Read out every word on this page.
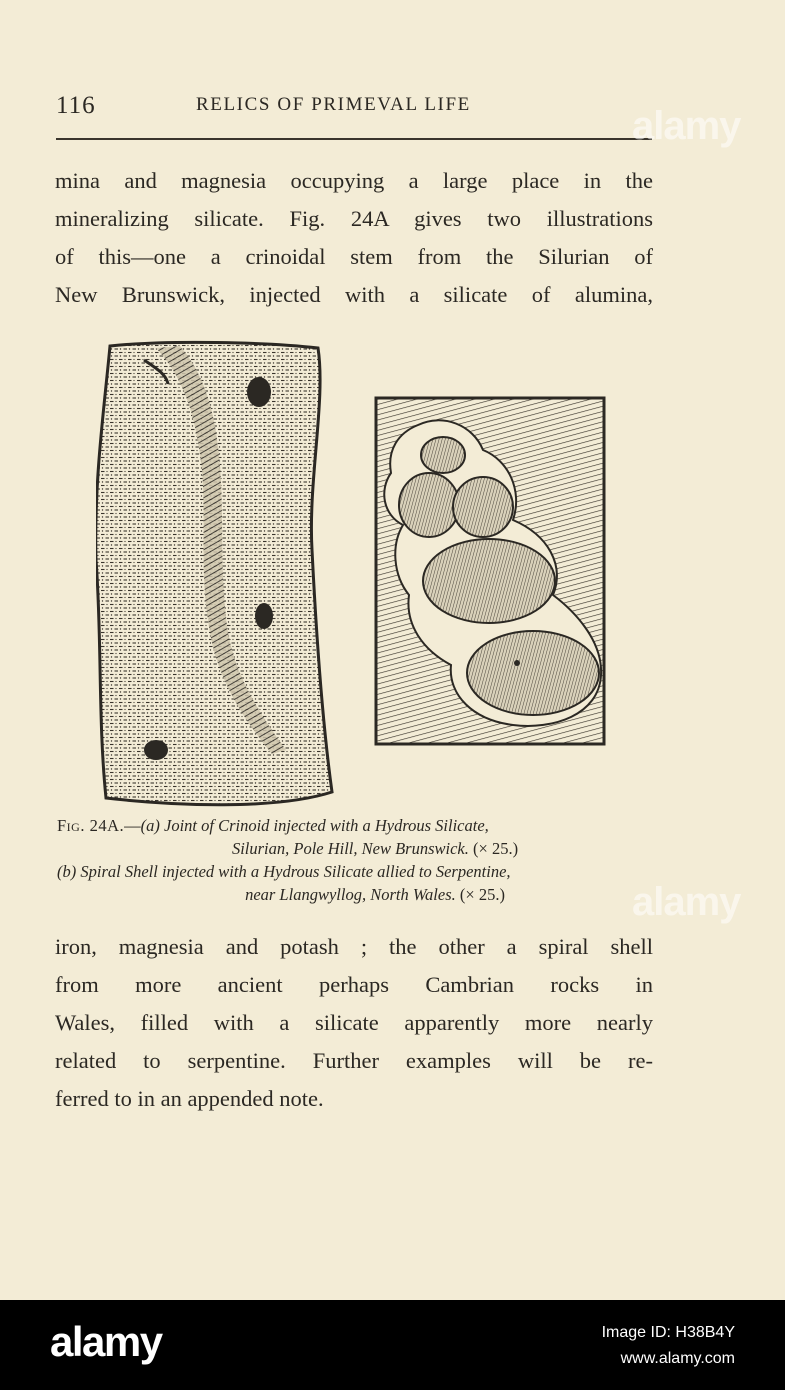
116	RELICS OF PRIMEVAL LIFE
mina and magnesia occupying a large place in the
mineralizing silicate. Fig. 24A gives two illustrations
of this—one a crinoidal stem from the Silurian of
New Brunswick, injected with a silicate of alumina,
Fig. 24A.—(a) Joint of Crinoid injected with a Hydrous Silicate,
Silurian, Pole Hill, New Brunswick. (× 25.)
(b) Spiral Shell injected with a Hydrous Silicate allied to Serpentine,
near Llangwyllog, North Wales. (× 25.)
iron, magnesia and potash ; the other a spiral shell
from more ancient perhaps Cambrian rocks in
Wales, filled with a silicate apparently more nearly
related to serpentine. Further examples will be re-
ferred to in an appended note.
alamy
alamy
alamy	Image ID: H38B4Y
www.alamy.com
